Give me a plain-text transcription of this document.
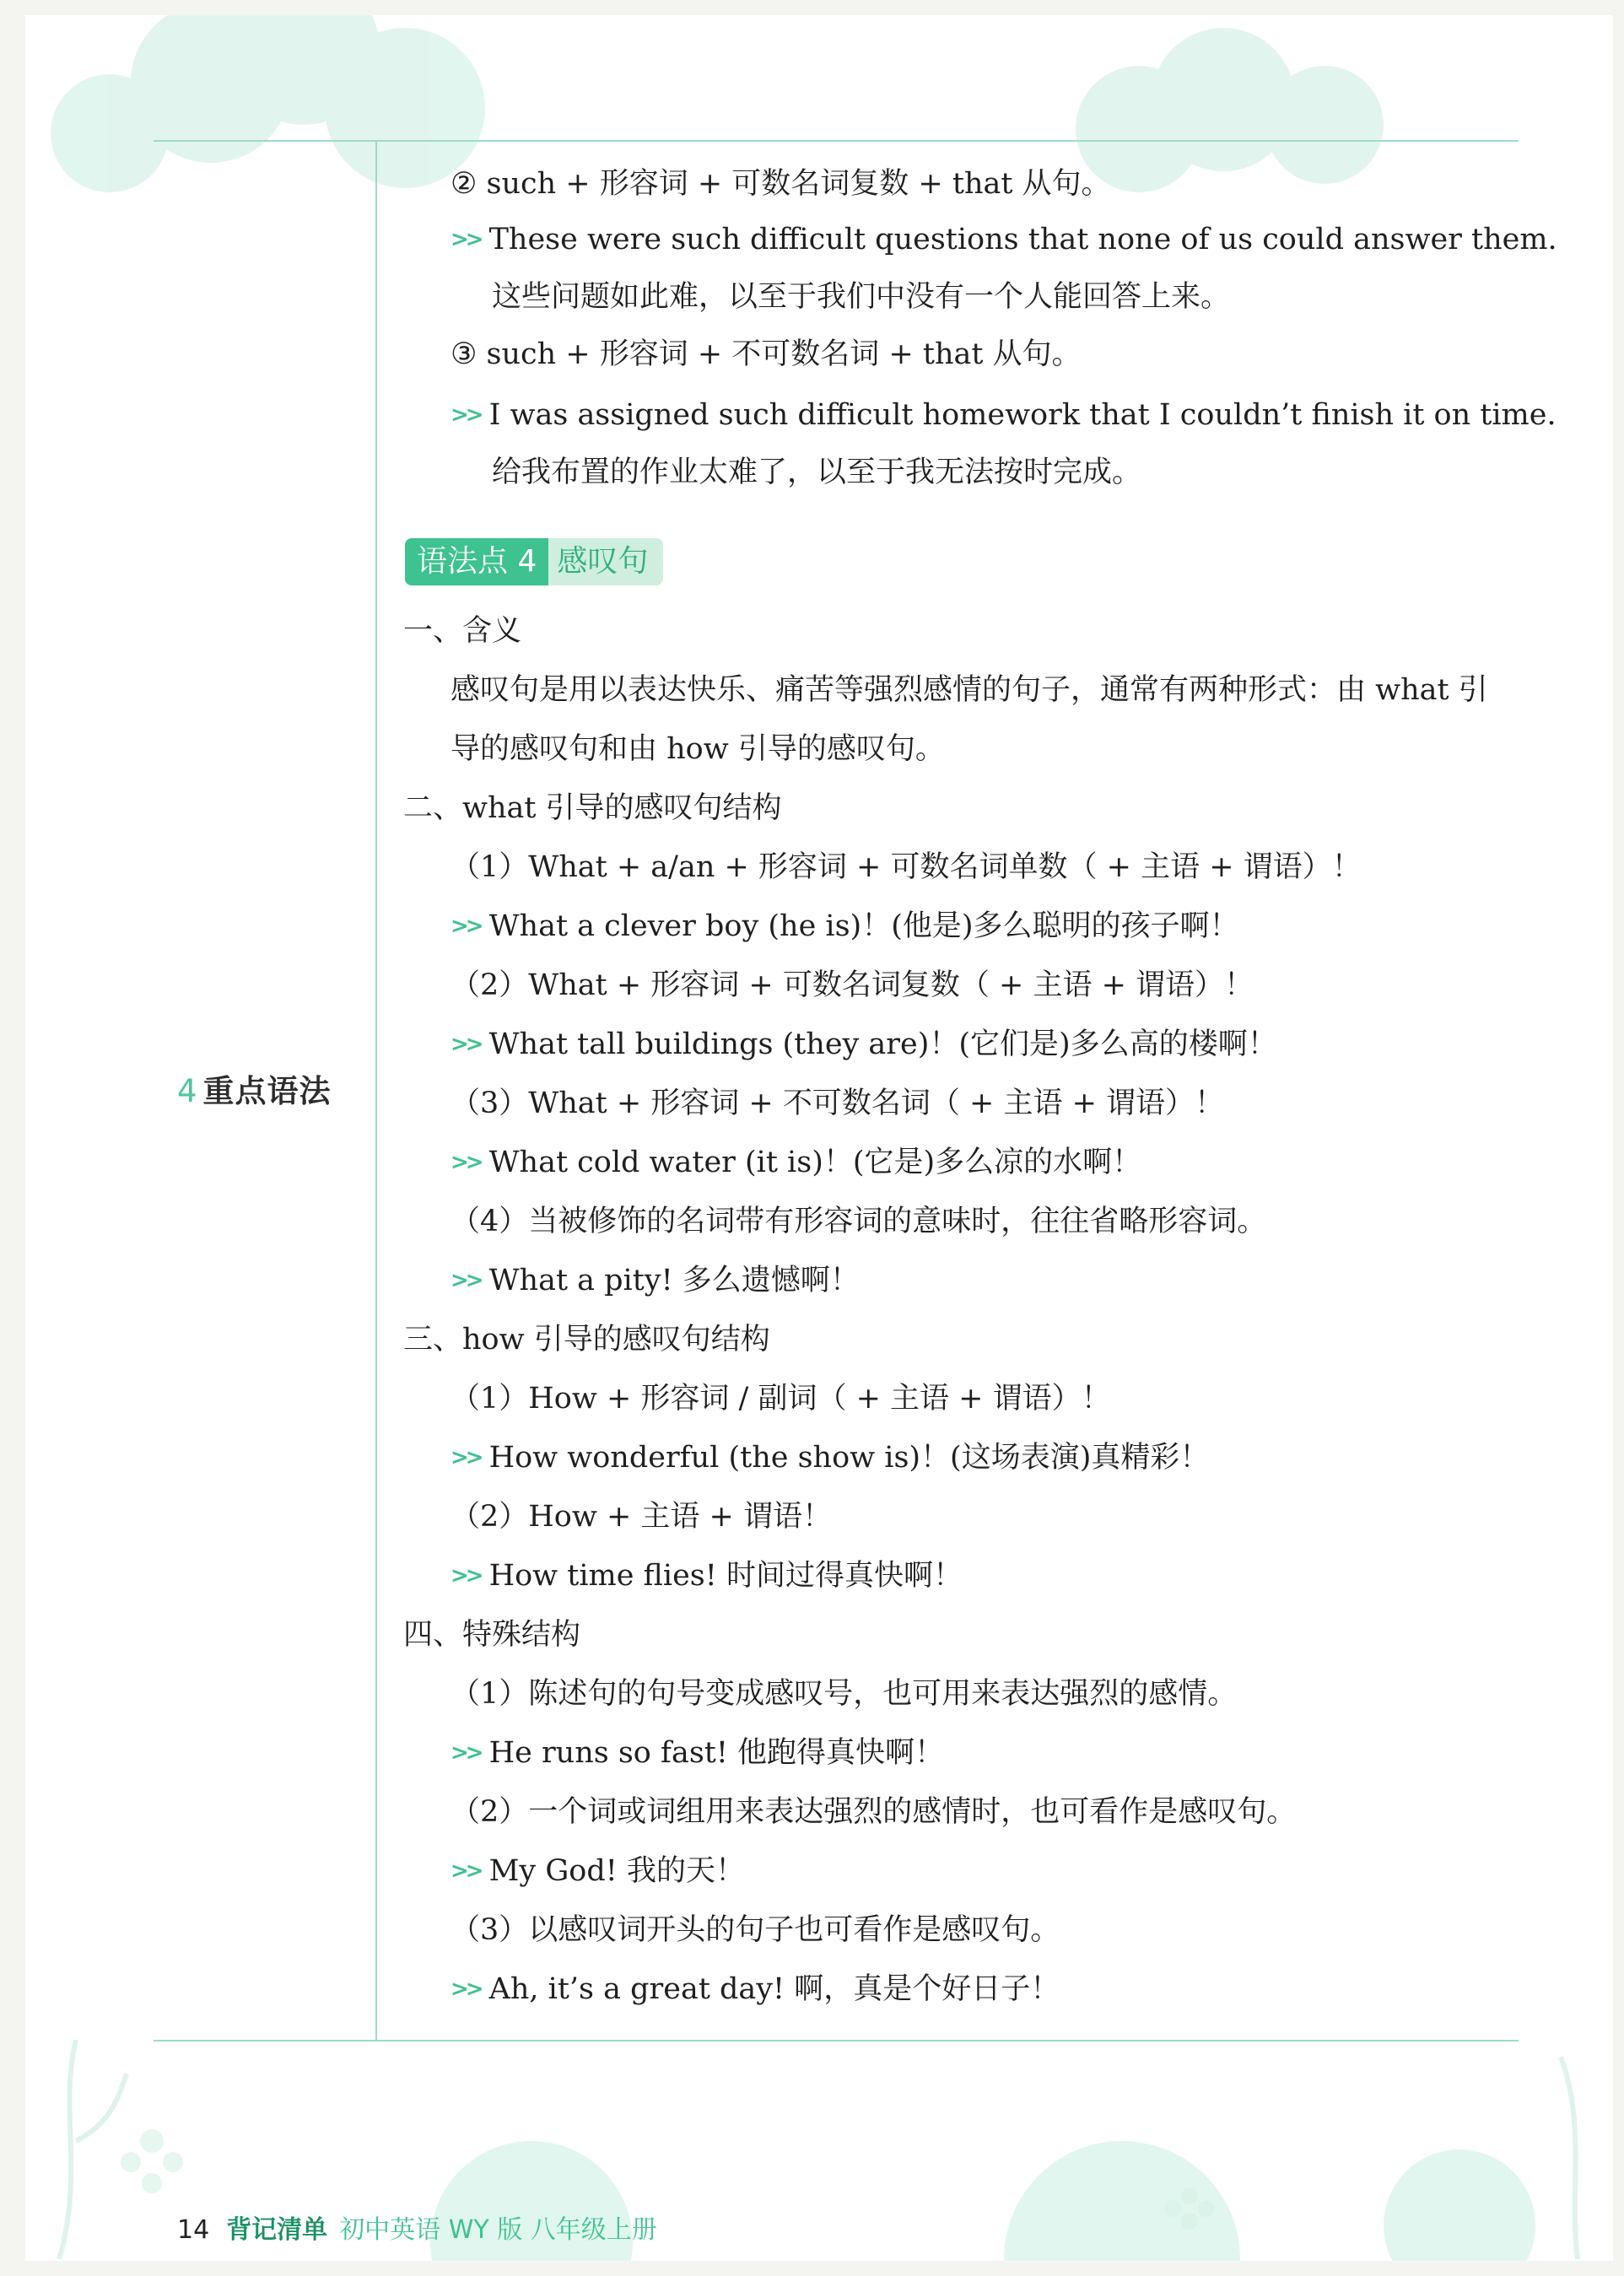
4 重点语法
语法点 4 感叹句
② such + 形容词 + 可数名词复数 + that 从句。
>> These were such difficult questions that none of us could answer them.
这些问题如此难，以至于我们中没有一个人能回答上来。
③ such + 形容词 + 不可数名词 + that 从句。
>> I was assigned such difficult homework that I couldn’t finish it on time.
给我布置的作业太难了，以至于我无法按时完成。
一、含义
感叹句是用以表达快乐、痛苦等强烈感情的句子，通常有两种形式：由 what 引
导的感叹句和由 how 引导的感叹句。
二、what 引导的感叹句结构
（1）What + a/an + 形容词 + 可数名词单数（ + 主语 + 谓语）！
>> What a clever boy (he is)！(他是)多么聪明的孩子啊！
（2）What + 形容词 + 可数名词复数（ + 主语 + 谓语）！
>> What tall buildings (they are)！(它们是)多么高的楼啊！
（3）What + 形容词 + 不可数名词（ + 主语 + 谓语）！
>> What cold water (it is)！(它是)多么凉的水啊！
（4）当被修饰的名词带有形容词的意味时，往往省略形容词。
>> What a pity! 多么遗憾啊！
三、how 引导的感叹句结构
（1）How + 形容词 / 副词（ + 主语 + 谓语）！
>> How wonderful (the show is)！(这场表演)真精彩！
（2）How + 主语 + 谓语！
>> How time flies! 时间过得真快啊！
四、特殊结构
（1）陈述句的句号变成感叹号，也可用来表达强烈的感情。
>> He runs so fast! 他跑得真快啊！
（2）一个词或词组用来表达强烈的感情时，也可看作是感叹句。
>> My God! 我的天！
（3）以感叹词开头的句子也可看作是感叹句。
>> Ah, it’s a great day! 啊，真是个好日子！
14 背记清单 初中英语 WY 版 八年级上册
